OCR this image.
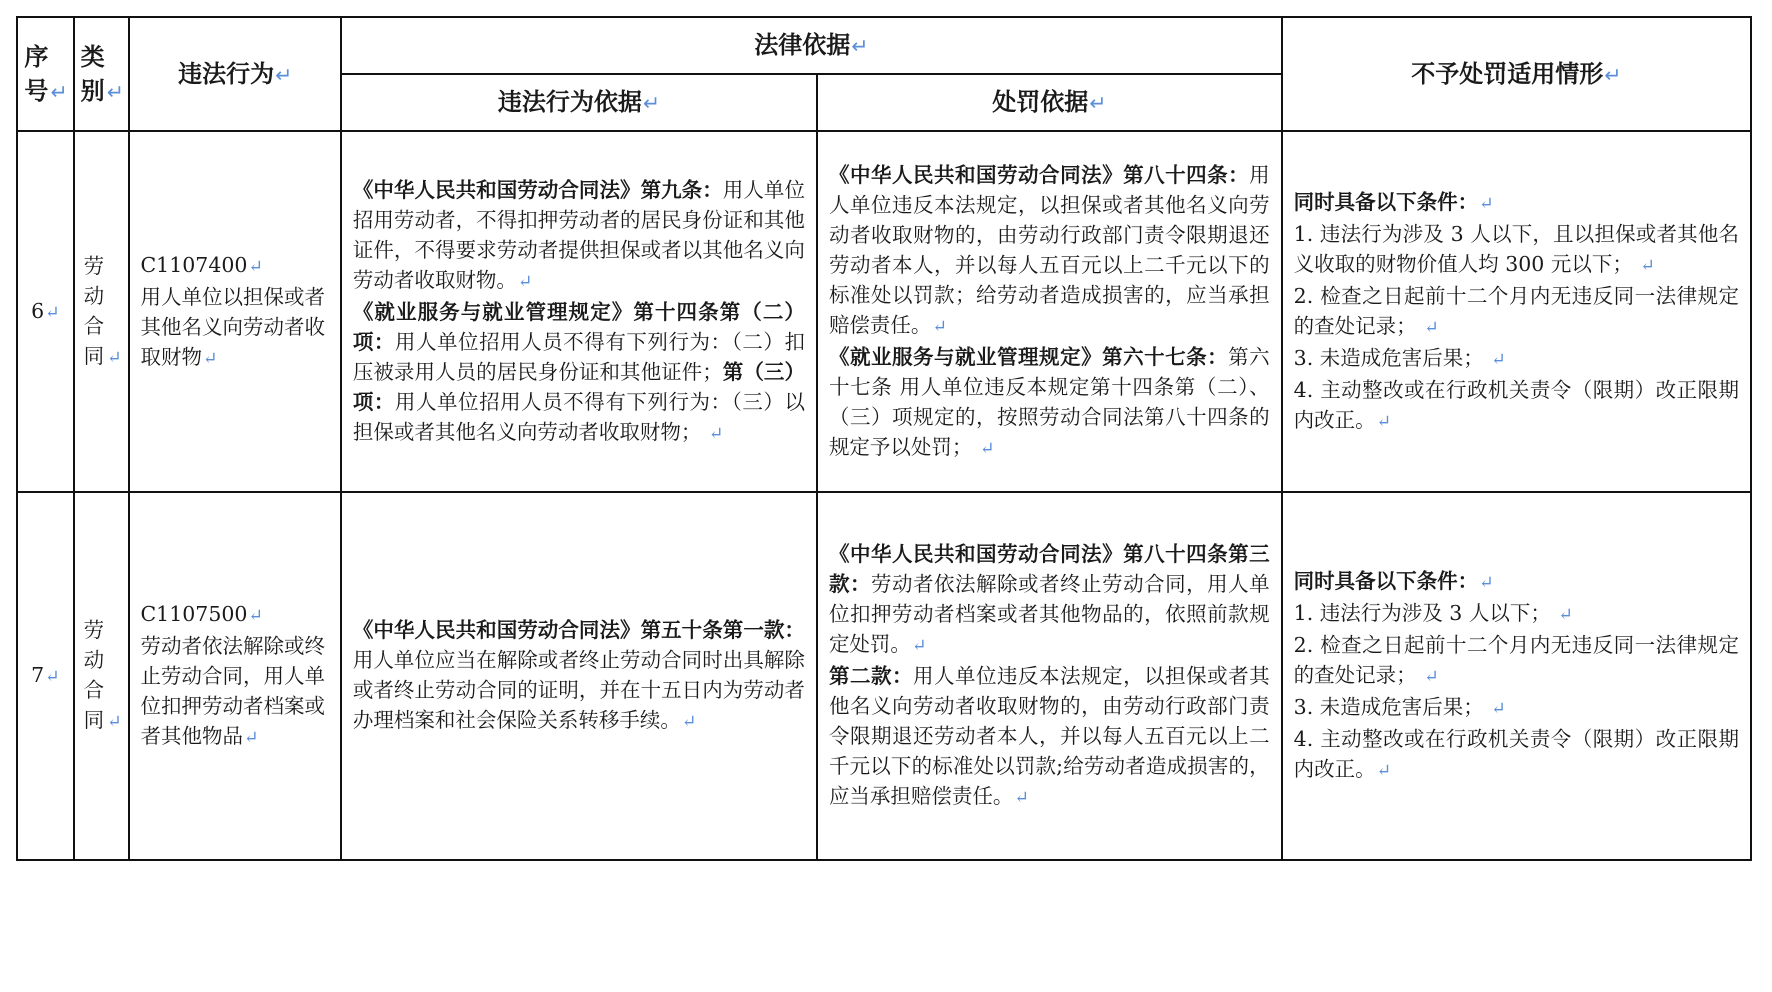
序
号 ↵	类
别 ↵	违法行为↵	法律依据↵		不予处罚适用情形↵
			违法行为依据↵	处罚依据↵	
6↵	劳
动
合
同 ↵	C1107400↵
用人单位以担保或者其他名义向劳动者收取财物↵	《中华人民共和国劳动合同法》第九条：用人单位招用劳动者，不得扣押劳动者的居民身份证和其他证件，不得要求劳动者提供担保或者以其他名义向劳动者收取财物。↵
《就业服务与就业管理规定》第十四条第（二）项：用人单位招用人员不得有下列行为：（二）扣压被录用人员的居民身份证和其他证件；第（三）项：用人单位招用人员不得有下列行为：（三）以担保或者其他名义向劳动者收取财物； ↵	《中华人民共和国劳动合同法》第八十四条：用人单位违反本法规定，以担保或者其他名义向劳动者收取财物的，由劳动行政部门责令限期退还劳动者本人，并以每人五百元以上二千元以下的标准处以罚款；给劳动者造成损害的，应当承担赔偿责任。↵
《就业服务与就业管理规定》第六十七条：第六十七条 用人单位违反本规定第十四条第（二）、（三）项规定的，按照劳动合同法第八十四条的规定予以处罚； ↵	同时具备以下条件：↵
1. 违法行为涉及 3 人以下，且以担保或者其他名义收取的财物价值人均 300 元以下； ↵
2. 检查之日起前十二个月内无违反同一法律规定的查处记录； ↵
3. 未造成危害后果； ↵
4. 主动整改或在行政机关责令（限期）改正限期内改正。↵

7↵	劳
动
合
同 ↵	C1107500↵
劳动者依法解除或终止劳动合同，用人单位扣押劳动者档案或者其他物品↵	《中华人民共和国劳动合同法》第五十条第一款：用人单位应当在解除或者终止劳动合同时出具解除或者终止劳动合同的证明，并在十五日内为劳动者办理档案和社会保险关系转移手续。↵	《中华人民共和国劳动合同法》第八十四条第三款：劳动者依法解除或者终止劳动合同，用人单位扣押劳动者档案或者其他物品的，依照前款规定处罚。↵
第二款：用人单位违反本法规定，以担保或者其他名义向劳动者收取财物的，由劳动行政部门责令限期退还劳动者本人，并以每人五百元以上二千元以下的标准处以罚款;给劳动者造成损害的，应当承担赔偿责任。↵	同时具备以下条件：↵
1. 违法行为涉及 3 人以下； ↵
2. 检查之日起前十二个月内无违反同一法律规定的查处记录； ↵
3. 未造成危害后果； ↵
4. 主动整改或在行政机关责令（限期）改正限期内改正。↵
